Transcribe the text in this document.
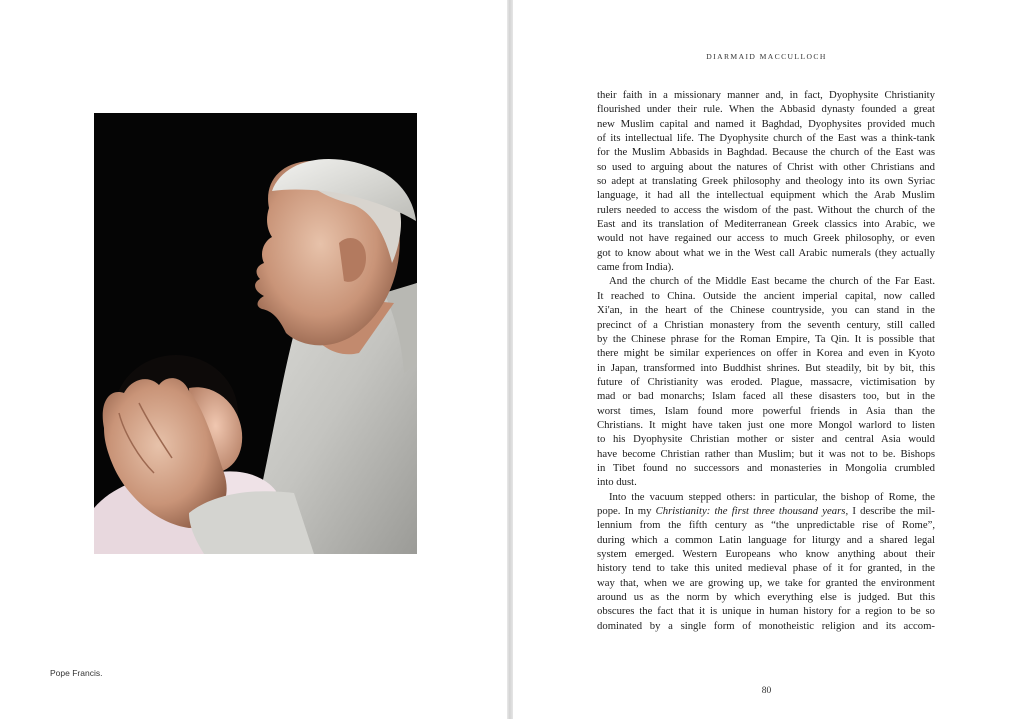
Pope Francis.
DIARMAID MACCULLOCH
their faith in a missionary manner and, in fact, Dyophysite Christianity
flourished under their rule. When the Abbasid dynasty founded a great
new Muslim capital and named it Baghdad, Dyophysites provided much
of its intellectual life. The Dyophysite church of the East was a think-tank
for the Muslim Abbasids in Baghdad. Because the church of the East was
so used to arguing about the natures of Christ with other Christians and
so adept at translating Greek philosophy and theology into its own Syriac
language, it had all the intellectual equipment which the Arab Muslim
rulers needed to access the wisdom of the past. Without the church of the
East and its translation of Mediterranean Greek classics into Arabic, we
would not have regained our access to much Greek philosophy, or even
got to know about what we in the West call Arabic numerals (they actually
came from India).
And the church of the Middle East became the church of the Far East.
It reached to China. Outside the ancient imperial capital, now called
Xi'an, in the heart of the Chinese countryside, you can stand in the
precinct of a Christian monastery from the seventh century, still called
by the Chinese phrase for the Roman Empire, Ta Qin. It is possible that
there might be similar experiences on offer in Korea and even in Kyoto
in Japan, transformed into Buddhist shrines. But steadily, bit by bit, this
future of Christianity was eroded. Plague, massacre, victimisation by
mad or bad monarchs; Islam faced all these disasters too, but in the
worst times, Islam found more powerful friends in Asia than the
Christians. It might have taken just one more Mongol warlord to listen
to his Dyophysite Christian mother or sister and central Asia would
have become Christian rather than Muslim; but it was not to be. Bishops
in Tibet found no successors and monasteries in Mongolia crumbled
into dust.
Into the vacuum stepped others: in particular, the bishop of Rome, the
pope. In my Christianity: the first three thousand years, I describe the mil-
lennium from the fifth century as “the unpredictable rise of Rome”,
during which a common Latin language for liturgy and a shared legal
system emerged. Western Europeans who know anything about their
history tend to take this united medieval phase of it for granted, in the
way that, when we are growing up, we take for granted the environment
around us as the norm by which everything else is judged. But this
obscures the fact that it is unique in human history for a region to be so
dominated by a single form of monotheistic religion and its accom-
80
